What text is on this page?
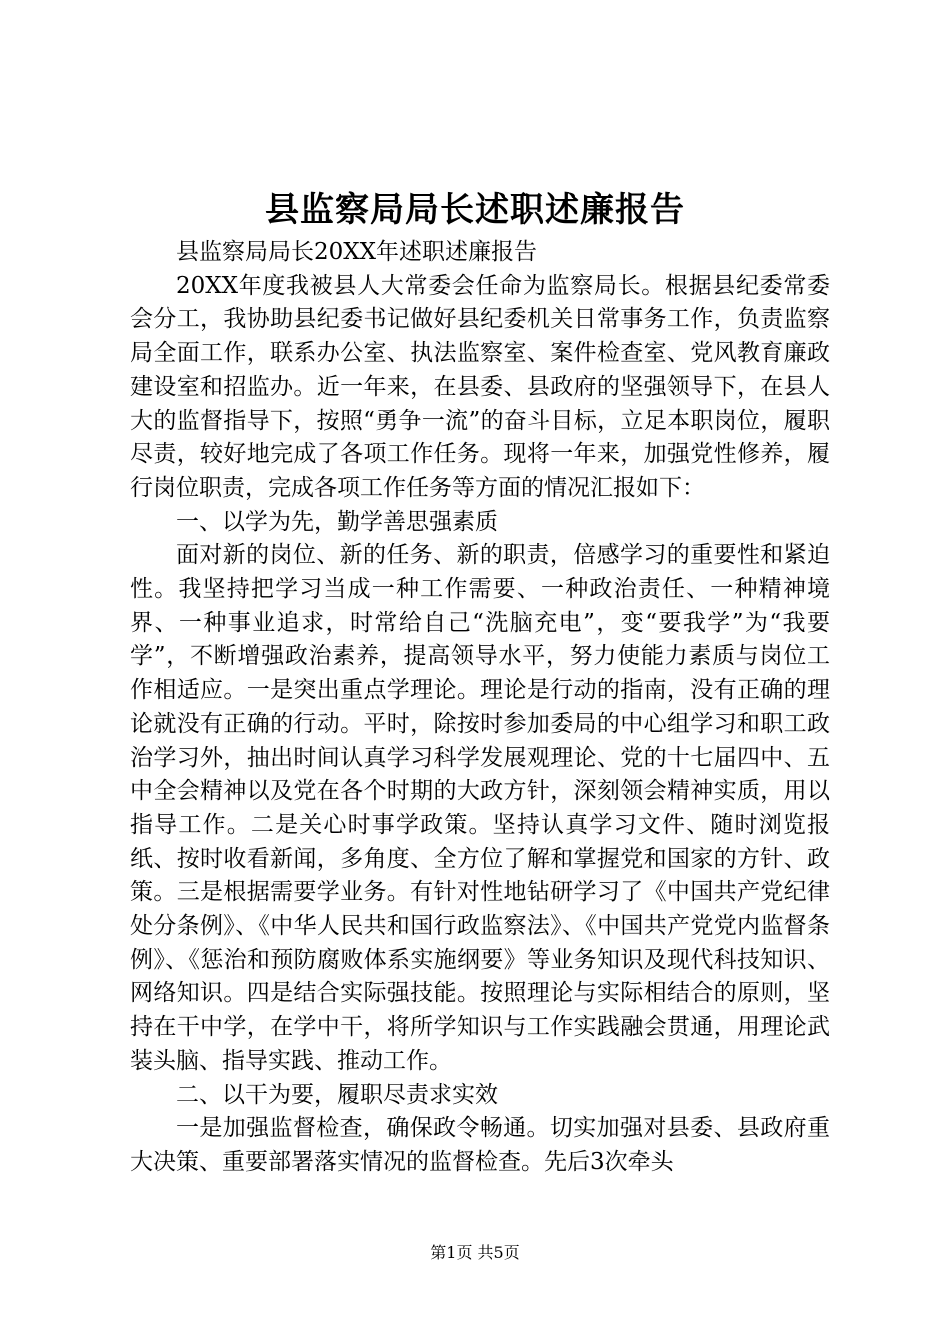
县监察局局长述职述廉报告

县监察局局长20XX年述职述廉报告

20XX年度我被县人大常委会任命为监察局长。根据县纪委常委会分工，我协助县纪委书记做好县纪委机关日常事务工作，负责监察局全面工作，联系办公室、执法监察室、案件检查室、党风教育廉政建设室和招监办。近一年来，在县委、县政府的坚强领导下，在县人大的监督指导下，按照“勇争一流”的奋斗目标，立足本职岗位，履职尽责，较好地完成了各项工作任务。现将一年来，加强党性修养，履行岗位职责，完成各项工作任务等方面的情况汇报如下：

一、以学为先，勤学善思强素质

面对新的岗位、新的任务、新的职责，倍感学习的重要性和紧迫性。我坚持把学习当成一种工作需要、一种政治责任、一种精神境界、一种事业追求，时常给自己“洗脑充电”，变“要我学”为“我要学”，不断增强政治素养，提高领导水平，努力使能力素质与岗位工作相适应。一是突出重点学理论。理论是行动的指南，没有正确的理论就没有正确的行动。平时，除按时参加委局的中心组学习和职工政治学习外，抽出时间认真学习科学发展观理论、党的十七届四中、五中全会精神以及党在各个时期的大政方针，深刻领会精神实质，用以指导工作。二是关心时事学政策。坚持认真学习文件、随时浏览报纸、按时收看新闻，多角度、全方位了解和掌握党和国家的方针、政策。三是根据需要学业务。有针对性地钻研学习了《中国共产党纪律处分条例》、《中华人民共和国行政监察法》、《中国共产党党内监督条例》、《惩治和预防腐败体系实施纲要》等业务知识及现代科技知识、网络知识。四是结合实际强技能。按照理论与实际相结合的原则，坚持在干中学，在学中干，将所学知识与工作实践融会贯通，用理论武装头脑、指导实践、推动工作。

二、以干为要，履职尽责求实效

一是加强监督检查，确保政令畅通。切实加强对县委、县政府重大决策、重要部署落实情况的监督检查。先后3次牵头

第1页 共5页
